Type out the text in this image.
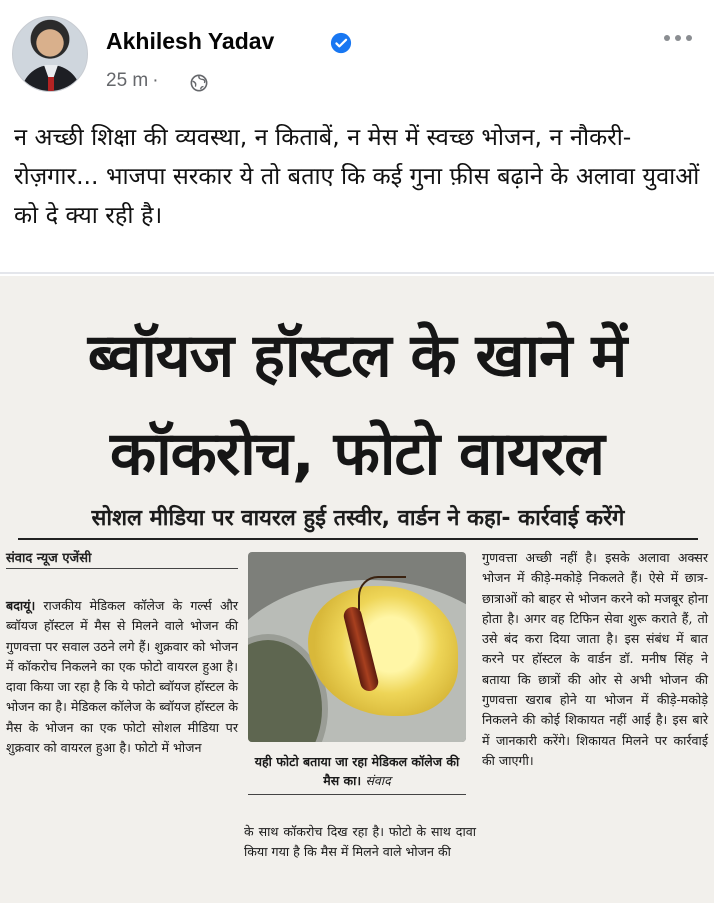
Akhilesh Yadav
25 m ·
न अच्छी शिक्षा की व्यवस्था, न किताबें, न मेस में स्वच्छ भोजन, न नौकरी-रोज़गार... भाजपा सरकार ये तो बताए कि कई गुना फ़ीस बढ़ाने के अलावा युवाओं को दे क्या रही है।
ब्वॉयज हॉस्टल के खाने में
कॉकरोच, फोटो वायरल
सोशल मीडिया पर वायरल हुई तस्वीर, वार्डन ने कहा- कार्रवाई करेंगे
संवाद न्यूज एजेंसी
बदायूं। राजकीय मेडिकल कॉलेज के गर्ल्स और ब्वॉयज हॉस्टल में मैस से मिलने वाले भोजन की गुणवत्ता पर सवाल उठने लगे हैं। शुक्रवार को भोजन में कॉकरोच निकलने का एक फोटो वायरल हुआ है। दावा किया जा रहा है कि ये फोटो ब्वॉयज हॉस्टल के भोजन का है। मेडिकल कॉलेज के ब्वॉयज हॉस्टल के मैस के भोजन का एक फोटो सोशल मीडिया पर शुक्रवार को वायरल हुआ है। फोटो में भोजन
यही फोटो बताया जा रहा मेडिकल कॉलेज की मैस का। संवाद
के साथ कॉकरोच दिख रहा है। फोटो के साथ दावा किया गया है कि मैस में मिलने वाले भोजन की
गुणवत्ता अच्छी नहीं है। इसके अलावा अक्सर भोजन में कीड़े-मकोड़े निकलते हैं। ऐसे में छात्र-छात्राओं को बाहर से भोजन करने को मजबूर होना होता है। अगर वह टिफिन सेवा शुरू कराते हैं, तो उसे बंद करा दिया जाता है। इस संबंध में बात करने पर हॉस्टल के वार्डन डॉ. मनीष सिंह ने बताया कि छात्रों की ओर से अभी भोजन की गुणवत्ता खराब होने या भोजन में कीड़े-मकोड़े निकलने की कोई शिकायत नहीं आई है। इस बारे में जानकारी करेंगे। शिकायत मिलने पर कार्रवाई की जाएगी।
